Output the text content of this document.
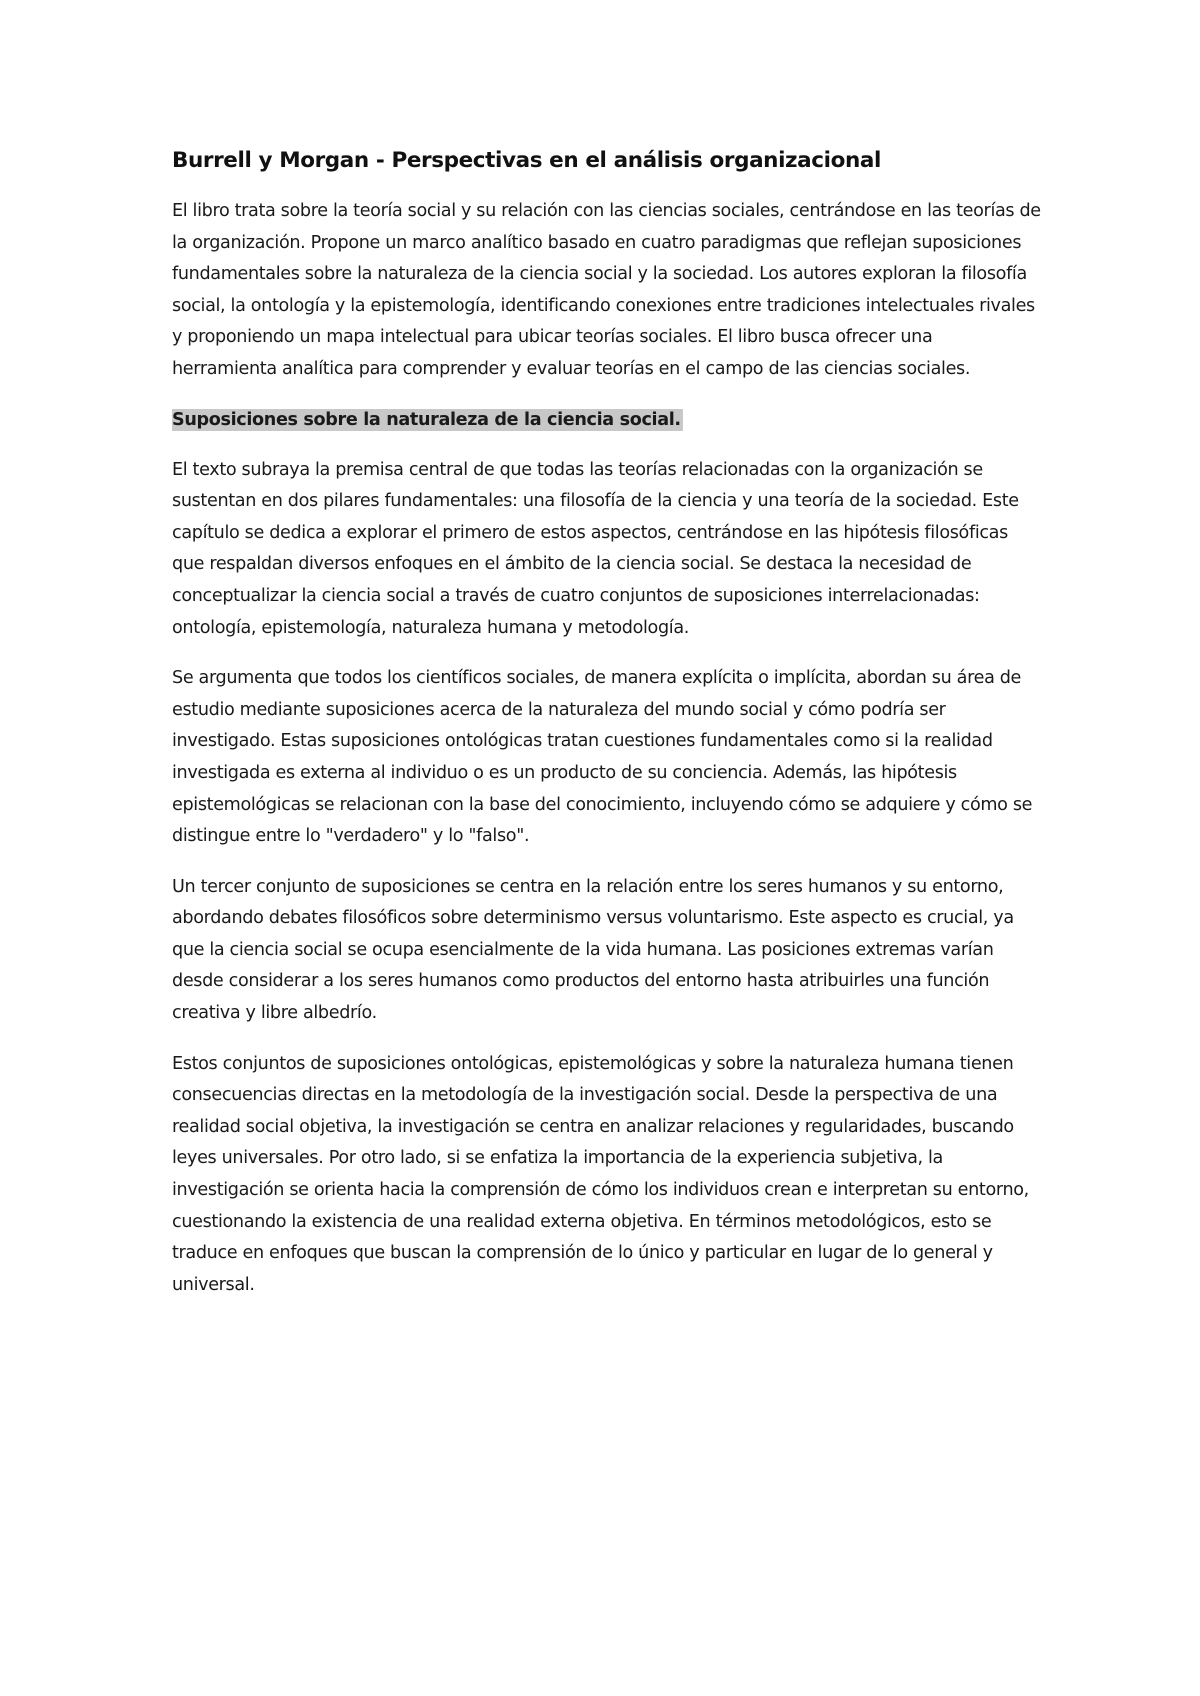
Burrell y Morgan - Perspectivas en el análisis organizacional

El libro trata sobre la teoría social y su relación con las ciencias sociales, centrándose en las teorías de la organización. Propone un marco analítico basado en cuatro paradigmas que reflejan suposiciones fundamentales sobre la naturaleza de la ciencia social y la sociedad. Los autores exploran la filosofía social, la ontología y la epistemología, identificando conexiones entre tradiciones intelectuales rivales y proponiendo un mapa intelectual para ubicar teorías sociales. El libro busca ofrecer una herramienta analítica para comprender y evaluar teorías en el campo de las ciencias sociales.

Suposiciones sobre la naturaleza de la ciencia social.

El texto subraya la premisa central de que todas las teorías relacionadas con la organización se sustentan en dos pilares fundamentales: una filosofía de la ciencia y una teoría de la sociedad. Este capítulo se dedica a explorar el primero de estos aspectos, centrándose en las hipótesis filosóficas que respaldan diversos enfoques en el ámbito de la ciencia social. Se destaca la necesidad de conceptualizar la ciencia social a través de cuatro conjuntos de suposiciones interrelacionadas: ontología, epistemología, naturaleza humana y metodología.

Se argumenta que todos los científicos sociales, de manera explícita o implícita, abordan su área de estudio mediante suposiciones acerca de la naturaleza del mundo social y cómo podría ser investigado. Estas suposiciones ontológicas tratan cuestiones fundamentales como si la realidad investigada es externa al individuo o es un producto de su conciencia. Además, las hipótesis epistemológicas se relacionan con la base del conocimiento, incluyendo cómo se adquiere y cómo se distingue entre lo "verdadero" y lo "falso".

Un tercer conjunto de suposiciones se centra en la relación entre los seres humanos y su entorno, abordando debates filosóficos sobre determinismo versus voluntarismo. Este aspecto es crucial, ya que la ciencia social se ocupa esencialmente de la vida humana. Las posiciones extremas varían desde considerar a los seres humanos como productos del entorno hasta atribuirles una función creativa y libre albedrío.

Estos conjuntos de suposiciones ontológicas, epistemológicas y sobre la naturaleza humana tienen consecuencias directas en la metodología de la investigación social. Desde la perspectiva de una realidad social objetiva, la investigación se centra en analizar relaciones y regularidades, buscando leyes universales. Por otro lado, si se enfatiza la importancia de la experiencia subjetiva, la investigación se orienta hacia la comprensión de cómo los individuos crean e interpretan su entorno, cuestionando la existencia de una realidad externa objetiva. En términos metodológicos, esto se traduce en enfoques que buscan la comprensión de lo único y particular en lugar de lo general y universal.
